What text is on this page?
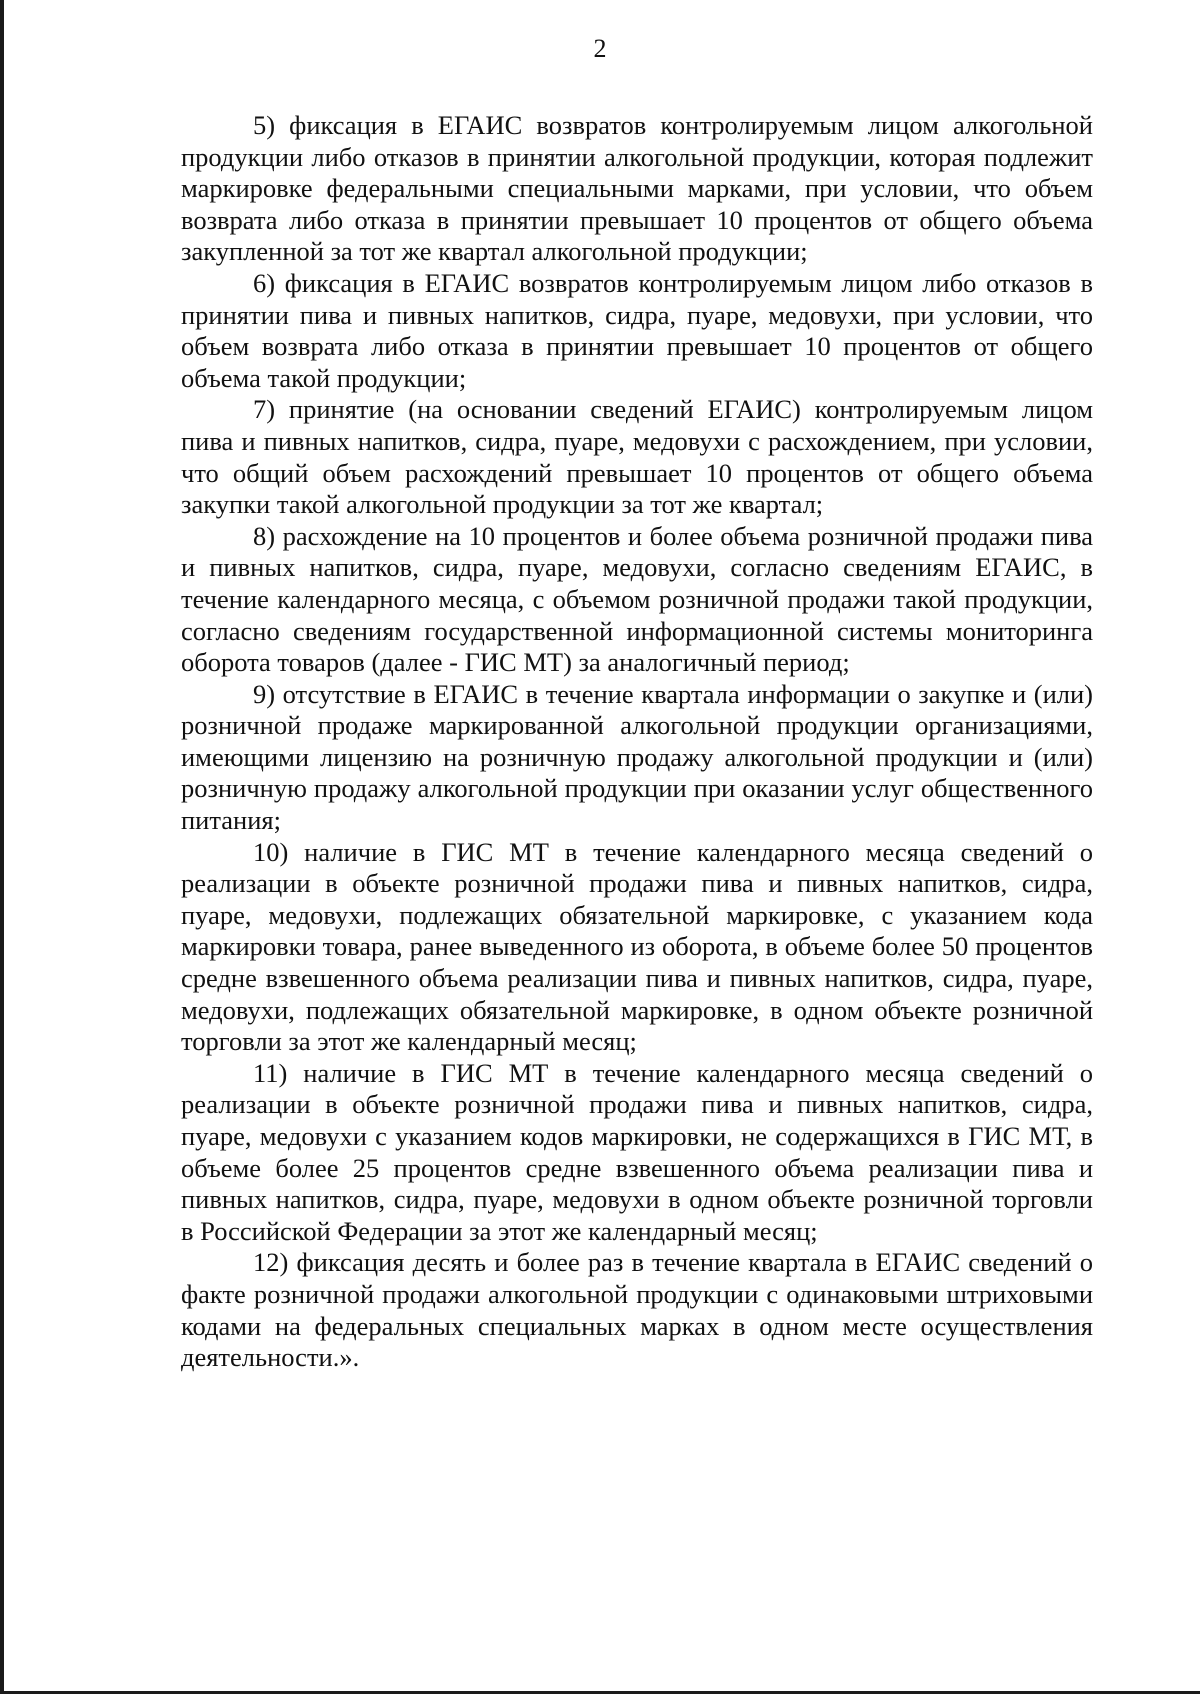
2

5) фиксация в ЕГАИС возвратов контролируемым лицом алкогольной продукции либо отказов в принятии алкогольной продукции, которая подлежит маркировке федеральными специальными марками, при условии, что объем возврата либо отказа в принятии превышает 10 процентов от общего объема закупленной за тот же квартал алкогольной продукции;

6) фиксация в ЕГАИС возвратов контролируемым лицом либо отказов в принятии пива и пивных напитков, сидра, пуаре, медовухи, при условии, что объем возврата либо отказа в принятии превышает 10 процентов от общего объема такой продукции;

7) принятие (на основании сведений ЕГАИС) контролируемым лицом пива и пивных напитков, сидра, пуаре, медовухи с расхождением, при условии, что общий объем расхождений превышает 10 процентов от общего объема закупки такой алкогольной продукции за тот же квартал;

8) расхождение на 10 процентов и более объема розничной продажи пива и пивных напитков, сидра, пуаре, медовухи, согласно сведениям ЕГАИС, в течение календарного месяца, с объемом розничной продажи такой продукции, согласно сведениям государственной информационной системы мониторинга оборота товаров (далее - ГИС МТ) за аналогичный период;

9) отсутствие в ЕГАИС в течение квартала информации о закупке и (или) розничной продаже маркированной алкогольной продукции организациями, имеющими лицензию на розничную продажу алкогольной продукции и (или) розничную продажу алкогольной продукции при оказании услуг общественного питания;

10) наличие в ГИС МТ в течение календарного месяца сведений о реализации в объекте розничной продажи пива и пивных напитков, сидра, пуаре, медовухи, подлежащих обязательной маркировке, с указанием кода маркировки товара, ранее выведенного из оборота, в объеме более 50 процентов средне взвешенного объема реализации пива и пивных напитков, сидра, пуаре, медовухи, подлежащих обязательной маркировке, в одном объекте розничной торговли за этот же календарный месяц;

11) наличие в ГИС МТ в течение календарного месяца сведений о реализации в объекте розничной продажи пива и пивных напитков, сидра, пуаре, медовухи с указанием кодов маркировки, не содержащихся в ГИС МТ, в объеме более 25 процентов средне взвешенного объема реализации пива и пивных напитков, сидра, пуаре, медовухи в одном объекте розничной торговли в Российской Федерации за этот же календарный месяц;

12) фиксация десять и более раз в течение квартала в ЕГАИС сведений о факте розничной продажи алкогольной продукции с одинаковыми штриховыми кодами на федеральных специальных марках в одном месте осуществления деятельности.».
